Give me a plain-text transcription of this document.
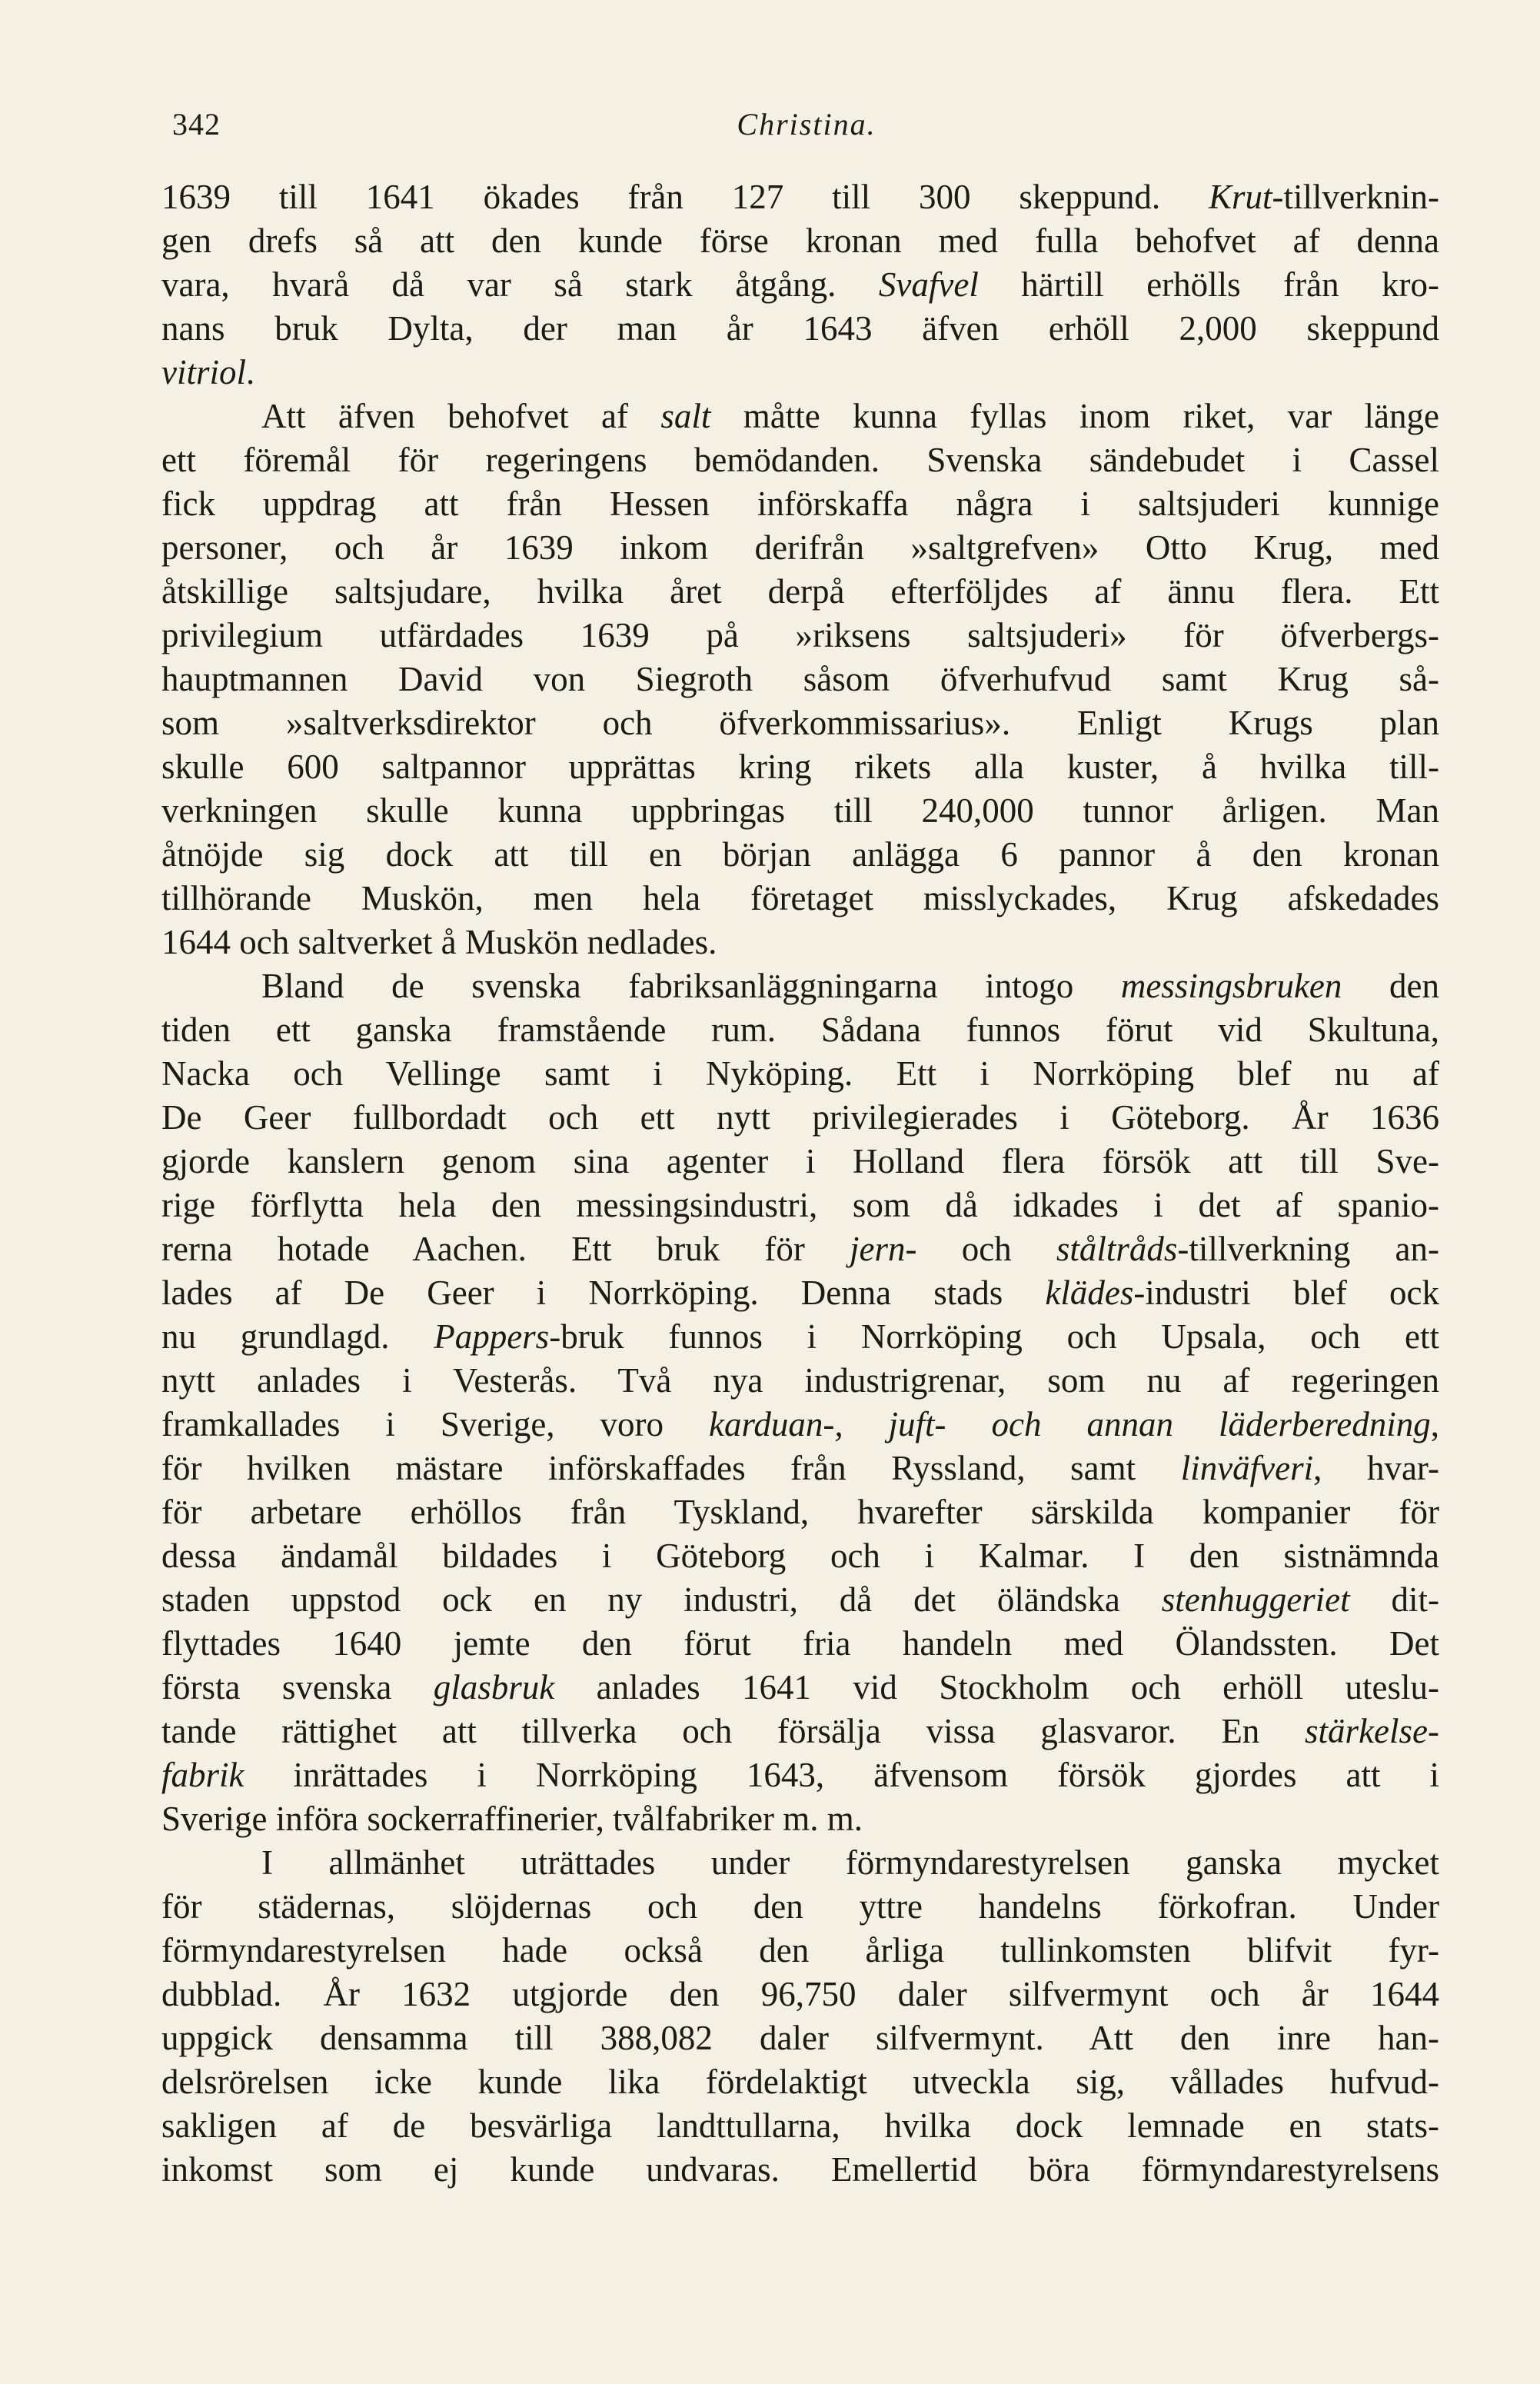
342	Christina.
1639 till 1641 ökades från 127 till 300 skeppund. Krut-tillverknin-
gen drefs så att den kunde förse kronan med fulla behofvet af denna
vara, hvarå då var så stark åtgång. Svafvel härtill erhölls från kro-
nans bruk Dylta, der man år 1643 äfven erhöll 2,000 skeppund
vitriol.
Att äfven behofvet af salt måtte kunna fyllas inom riket, var länge
ett föremål för regeringens bemödanden. Svenska sändebudet i Cassel
fick uppdrag att från Hessen införskaffa några i saltsjuderi kunnige
personer, och år 1639 inkom derifrån »saltgrefven» Otto Krug, med
åtskillige saltsjudare, hvilka året derpå efterföljdes af ännu flera. Ett
privilegium utfärdades 1639 på »riksens saltsjuderi» för öfverbergs-
hauptmannen David von Siegroth såsom öfverhufvud samt Krug så-
som »saltverksdirektor och öfverkommissarius». Enligt Krugs plan
skulle 600 saltpannor upprättas kring rikets alla kuster, å hvilka till-
verkningen skulle kunna uppbringas till 240,000 tunnor årligen. Man
åtnöjde sig dock att till en början anlägga 6 pannor å den kronan
tillhörande Muskön, men hela företaget misslyckades, Krug afskedades
1644 och saltverket å Muskön nedlades.
Bland de svenska fabriksanläggningarna intogo messingsbruken den
tiden ett ganska framstående rum. Sådana funnos förut vid Skultuna,
Nacka och Vellinge samt i Nyköping. Ett i Norrköping blef nu af
De Geer fullbordadt och ett nytt privilegierades i Göteborg. År 1636
gjorde kanslern genom sina agenter i Holland flera försök att till Sve-
rige förflytta hela den messingsindustri, som då idkades i det af spanio-
rerna hotade Aachen. Ett bruk för jern- och ståltråds-tillverkning an-
lades af De Geer i Norrköping. Denna stads klädes-industri blef ock
nu grundlagd. Pappers-bruk funnos i Norrköping och Upsala, och ett
nytt anlades i Vesterås. Två nya industrigrenar, som nu af regeringen
framkallades i Sverige, voro karduan-, juft- och annan läderberedning,
för hvilken mästare införskaffades från Ryssland, samt linväfveri, hvar-
för arbetare erhöllos från Tyskland, hvarefter särskilda kompanier för
dessa ändamål bildades i Göteborg och i Kalmar. I den sistnämnda
staden uppstod ock en ny industri, då det öländska stenhuggeriet dit-
flyttades 1640 jemte den förut fria handeln med Ölandssten. Det
första svenska glasbruk anlades 1641 vid Stockholm och erhöll uteslu-
tande rättighet att tillverka och försälja vissa glasvaror. En stärkelse-
fabrik inrättades i Norrköping 1643, äfvensom försök gjordes att i
Sverige införa sockerraffinerier, tvålfabriker m. m.
I allmänhet uträttades under förmyndarestyrelsen ganska mycket
för städernas, slöjdernas och den yttre handelns förkofran. Under
förmyndarestyrelsen hade också den årliga tullinkomsten blifvit fyr-
dubblad. År 1632 utgjorde den 96,750 daler silfvermynt och år 1644
uppgick densamma till 388,082 daler silfvermynt. Att den inre han-
delsrörelsen icke kunde lika fördelaktigt utveckla sig, vållades hufvud-
sakligen af de besvärliga landttullarna, hvilka dock lemnade en stats-
inkomst som ej kunde undvaras. Emellertid böra förmyndarestyrelsens
